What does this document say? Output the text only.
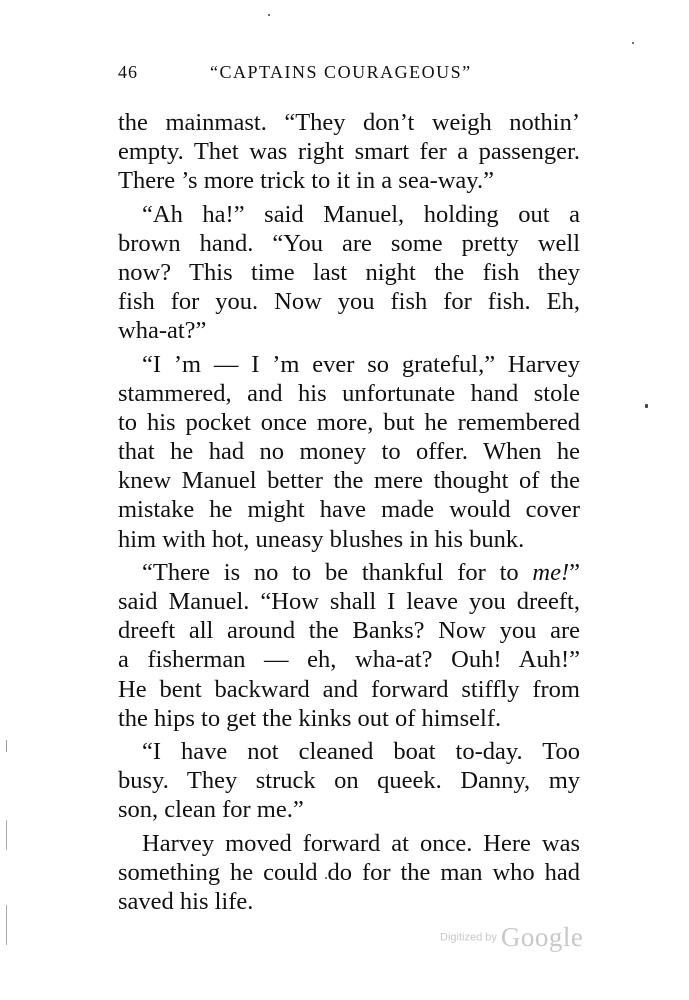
46	“CAPTAINS COURAGEOUS”
the mainmast. “They don’t weigh nothin’
empty. Thet was right smart fer a passenger.
There ’s more trick to it in a sea-way.”
“Ah ha!” said Manuel, holding out a
brown hand. “You are some pretty well
now? This time last night the fish they
fish for you. Now you fish for fish. Eh,
wha-at?”
“I ’m — I ’m ever so grateful,” Harvey
stammered, and his unfortunate hand stole
to his pocket once more, but he remembered
that he had no money to offer. When he
knew Manuel better the mere thought of the
mistake he might have made would cover
him with hot, uneasy blushes in his bunk.
“There is no to be thankful for to me!”
said Manuel. “How shall I leave you dreeft,
dreeft all around the Banks? Now you are
a fisherman — eh, wha-at? Ouh! Auh!”
He bent backward and forward stiffly from
the hips to get the kinks out of himself.
“I have not cleaned boat to-day. Too
busy. They struck on queek. Danny, my
son, clean for me.”
Harvey moved forward at once. Here was
something he could do for the man who had
saved his life.
Digitized by Google
